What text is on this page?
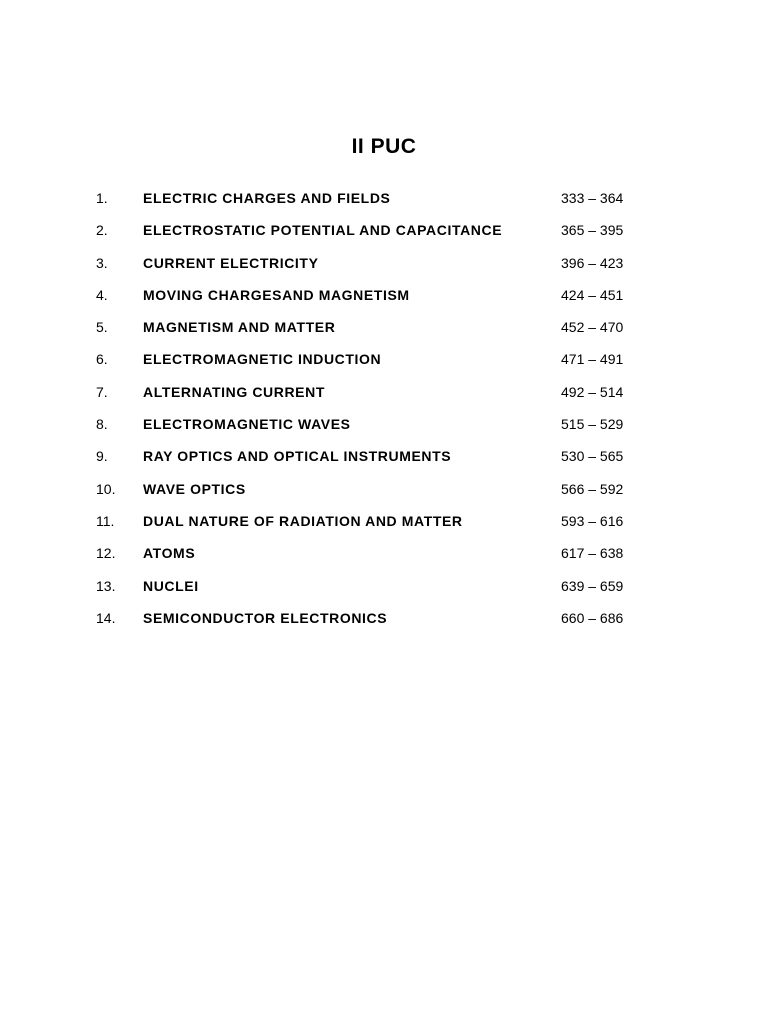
II PUC
1.	ELECTRIC CHARGES AND FIELDS	333 – 364
2.	ELECTROSTATIC POTENTIAL AND CAPACITANCE	365 – 395
3.	CURRENT ELECTRICITY	396 – 423
4.	MOVING CHARGESAND MAGNETISM	424 – 451
5.	MAGNETISM AND MATTER	452 – 470
6.	ELECTROMAGNETIC INDUCTION	471 – 491
7.	ALTERNATING CURRENT	492 – 514
8.	ELECTROMAGNETIC WAVES	515 – 529
9.	RAY OPTICS AND OPTICAL INSTRUMENTS	530 – 565
10.	WAVE OPTICS	566 – 592
11.	DUAL NATURE OF RADIATION AND MATTER	593 – 616
12.	ATOMS	617 – 638
13.	NUCLEI	639 – 659
14.	SEMICONDUCTOR ELECTRONICS	660 – 686
